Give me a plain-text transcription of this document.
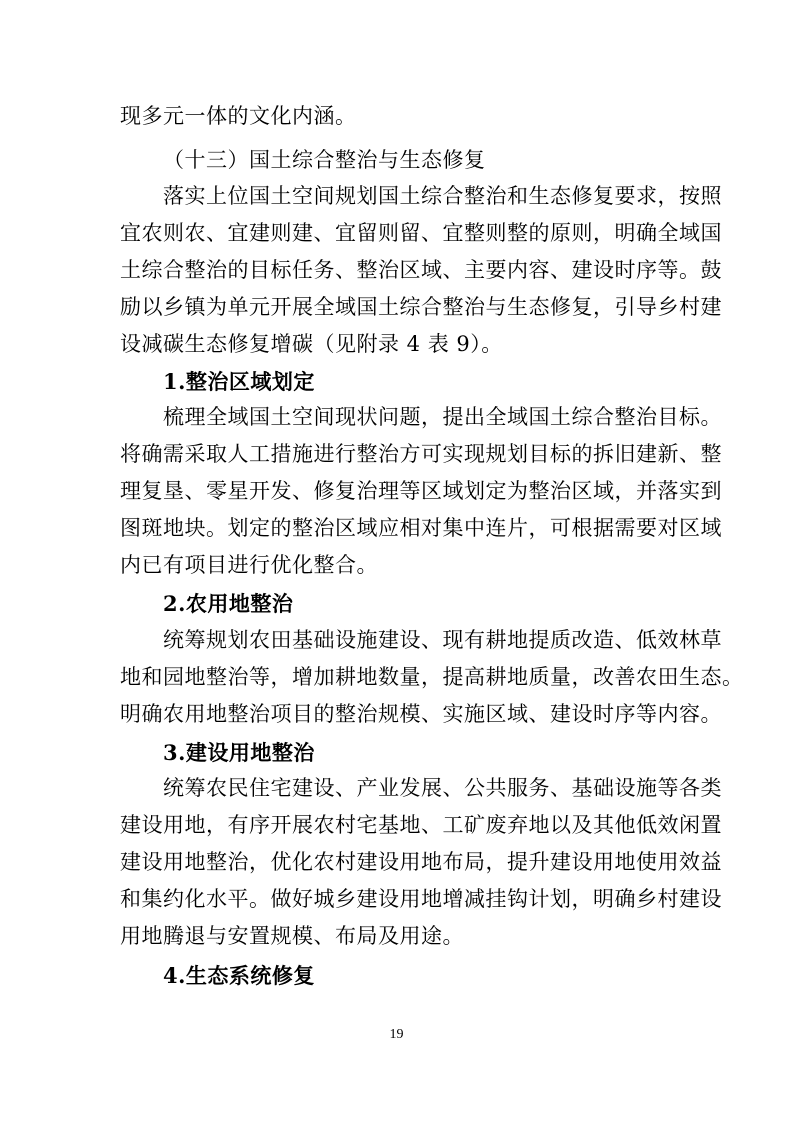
现多元一体的文化内涵。
（十三）国土综合整治与生态修复
落实上位国土空间规划国土综合整治和生态修复要求，按照
宜农则农、宜建则建、宜留则留、宜整则整的原则，明确全域国
土综合整治的目标任务、整治区域、主要内容、建设时序等。鼓
励以乡镇为单元开展全域国土综合整治与生态修复，引导乡村建
设减碳生态修复增碳（见附录 4 表 9）。
1.整治区域划定
梳理全域国土空间现状问题，提出全域国土综合整治目标。
将确需采取人工措施进行整治方可实现规划目标的拆旧建新、整
理复垦、零星开发、修复治理等区域划定为整治区域，并落实到
图斑地块。划定的整治区域应相对集中连片，可根据需要对区域
内已有项目进行优化整合。
2.农用地整治
统筹规划农田基础设施建设、现有耕地提质改造、低效林草
地和园地整治等，增加耕地数量，提高耕地质量，改善农田生态。
明确农用地整治项目的整治规模、实施区域、建设时序等内容。
3.建设用地整治
统筹农民住宅建设、产业发展、公共服务、基础设施等各类
建设用地，有序开展农村宅基地、工矿废弃地以及其他低效闲置
建设用地整治，优化农村建设用地布局，提升建设用地使用效益
和集约化水平。做好城乡建设用地增减挂钩计划，明确乡村建设
用地腾退与安置规模、布局及用途。
4.生态系统修复
19
